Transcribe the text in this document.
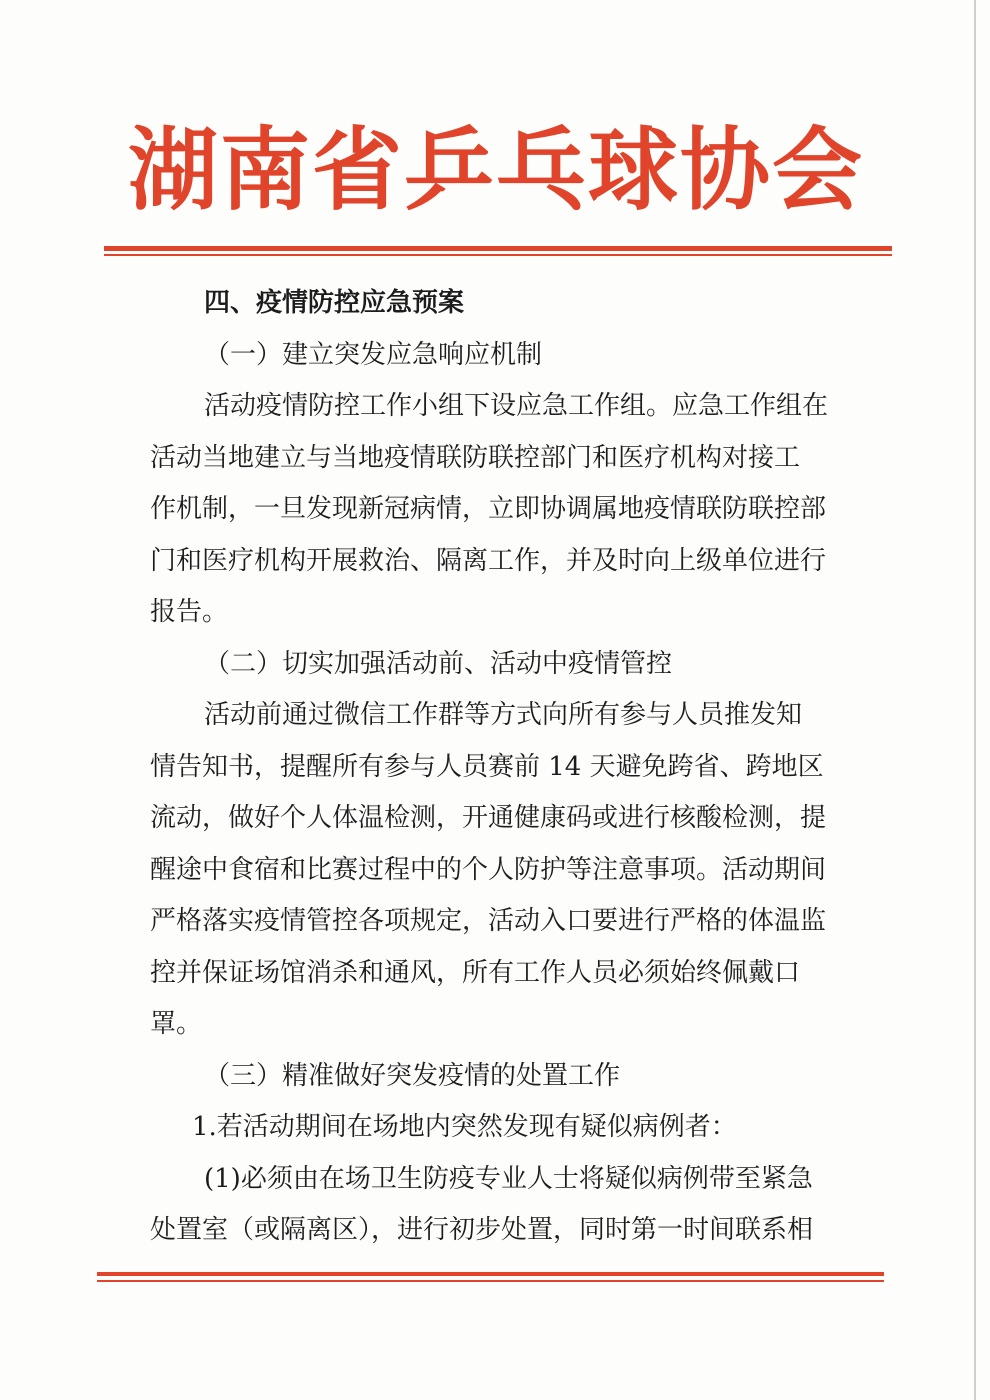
湖南省乒乓球协会
四、疫情防控应急预案
（一）建立突发应急响应机制
活动疫情防控工作小组下设应急工作组。应急工作组在
活动当地建立与当地疫情联防联控部门和医疗机构对接工
作机制，一旦发现新冠病情，立即协调属地疫情联防联控部
门和医疗机构开展救治、隔离工作，并及时向上级单位进行
报告。
（二）切实加强活动前、活动中疫情管控
活动前通过微信工作群等方式向所有参与人员推发知
情告知书，提醒所有参与人员赛前 14 天避免跨省、跨地区
流动，做好个人体温检测，开通健康码或进行核酸检测，提
醒途中食宿和比赛过程中的个人防护等注意事项。活动期间
严格落实疫情管控各项规定，活动入口要进行严格的体温监
控并保证场馆消杀和通风，所有工作人员必须始终佩戴口
罩。
（三）精准做好突发疫情的处置工作
1.若活动期间在场地内突然发现有疑似病例者：
(1)必须由在场卫生防疫专业人士将疑似病例带至紧急
处置室（或隔离区），进行初步处置，同时第一时间联系相
